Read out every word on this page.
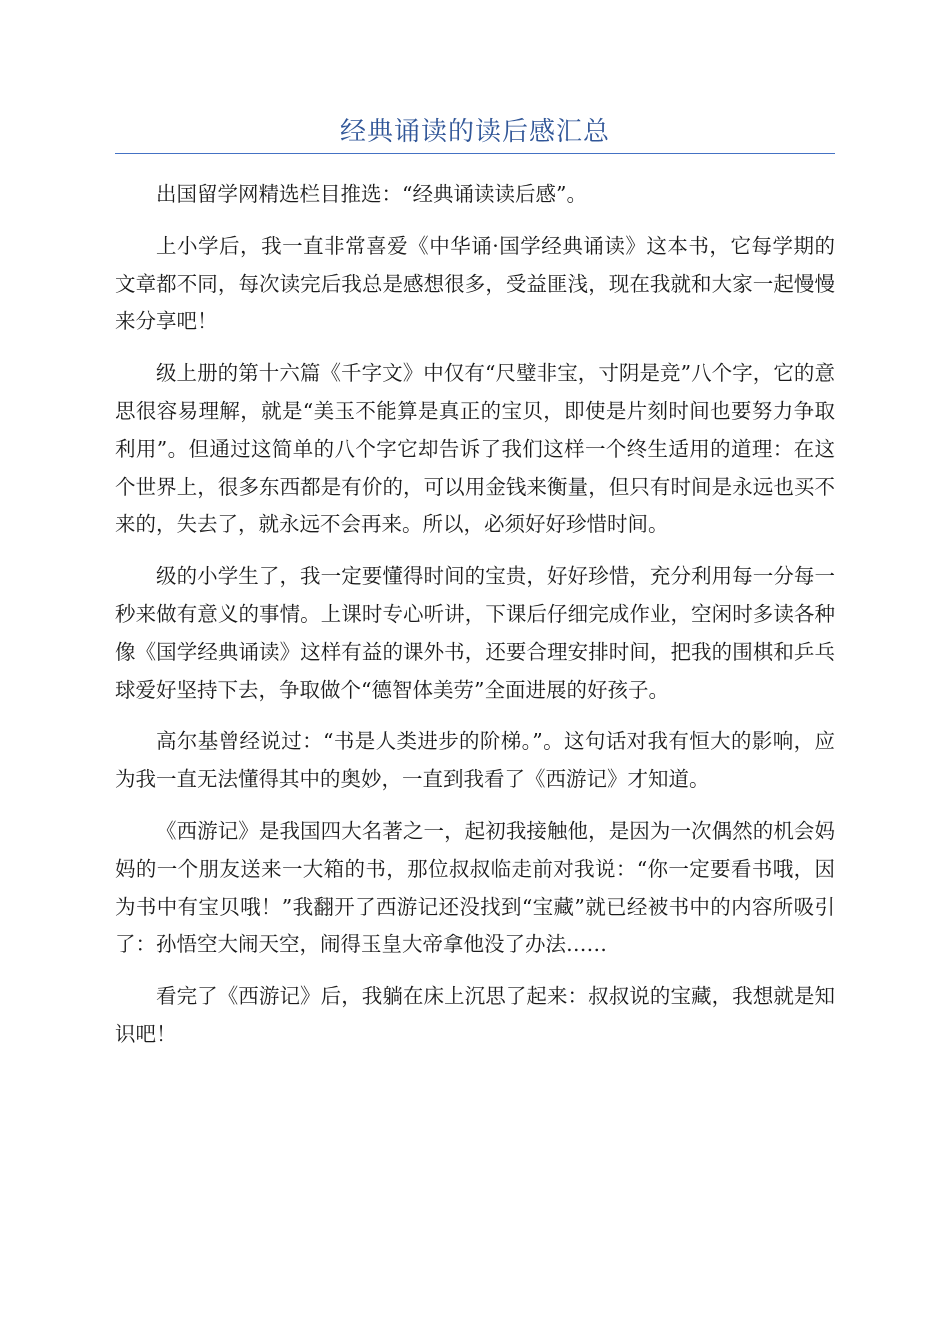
经典诵读的读后感汇总

出国留学网精选栏目推选：“经典诵读读后感”。

上小学后，我一直非常喜爱《中华诵·国学经典诵读》这本书，它每学期的文章都不同，每次读完后我总是感想很多，受益匪浅，现在我就和大家一起慢慢来分享吧！

级上册的第十六篇《千字文》中仅有“尺璧非宝，寸阴是竞”八个字，它的意思很容易理解，就是“美玉不能算是真正的宝贝，即使是片刻时间也要努力争取利用”。但通过这简单的八个字它却告诉了我们这样一个终生适用的道理：在这个世界上，很多东西都是有价的，可以用金钱来衡量，但只有时间是永远也买不来的，失去了，就永远不会再来。所以，必须好好珍惜时间。

级的小学生了，我一定要懂得时间的宝贵，好好珍惜，充分利用每一分每一秒来做有意义的事情。上课时专心听讲，下课后仔细完成作业，空闲时多读各种像《国学经典诵读》这样有益的课外书，还要合理安排时间，把我的围棋和乒乓球爱好坚持下去，争取做个“德智体美劳”全面进展的好孩子。

高尔基曾经说过：“书是人类进步的阶梯。”。这句话对我有恒大的影响，应为我一直无法懂得其中的奥妙，一直到我看了《西游记》才知道。

《西游记》是我国四大名著之一，起初我接触他，是因为一次偶然的机会妈妈的一个朋友送来一大箱的书，那位叔叔临走前对我说：“你一定要看书哦，因为书中有宝贝哦！”我翻开了西游记还没找到“宝藏”就已经被书中的内容所吸引了：孙悟空大闹天空，闹得玉皇大帝拿他没了办法……

看完了《西游记》后，我躺在床上沉思了起来：叔叔说的宝藏，我想就是知识吧！
